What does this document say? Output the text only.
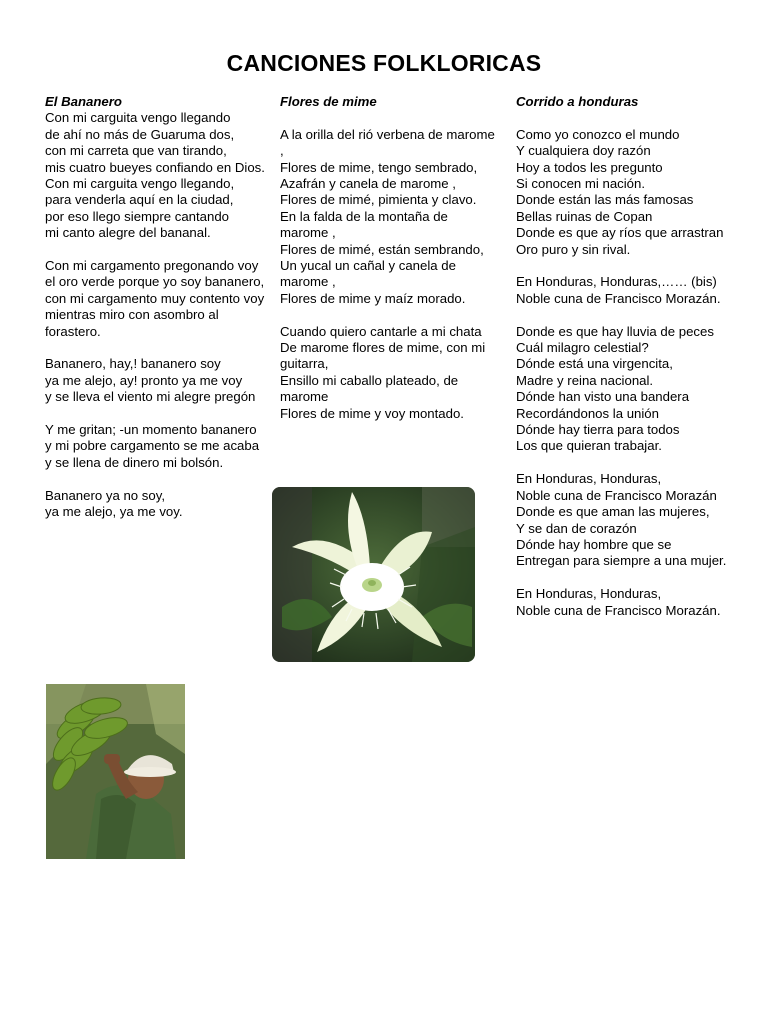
CANCIONES FOLKLORICAS
El Bananero
Con mi carguita vengo llegando
de ahí no más de Guaruma dos,
con mi carreta que van tirando,
mis cuatro bueyes confiando en Dios.
Con mi carguita vengo llegando,
para venderla aquí en la ciudad,
por eso llego siempre cantando
mi canto alegre del bananal.
Con mi cargamento pregonando voy
el oro verde porque yo soy bananero,
con mi cargamento muy contento voy
mientras miro con asombro al forastero.
Bananero, hay,! bananero soy
ya me alejo, ay! pronto ya me voy
y se lleva el viento mi alegre pregón
Y me gritan; -un momento bananero
y mi pobre cargamento se me acaba
y se llena de dinero mi bolsón.
Bananero ya no soy,
ya me alejo, ya me voy.
Flores de mime
A la orilla del rió verbena de marome ,
Flores de mime, tengo sembrado,
Azafrán y canela de marome ,
Flores de mimé, pimienta y clavo.
En la falda de la montaña de marome ,
Flores de mimé, están sembrando,
Un yucal un cañal y canela de marome ,
Flores de mime y maíz morado.
Cuando quiero cantarle a mi chata
De marome flores de mime, con mi guitarra,
Ensillo mi caballo plateado, de marome
Flores de mime y voy montado.
Corrido a honduras
Como yo conozco el mundo
Y cualquiera doy razón
Hoy a todos les pregunto
Si conocen mi nación.
Donde están las más famosas
Bellas ruinas de Copan
Donde es que ay ríos que arrastran
Oro puro y sin rival.
En Honduras, Honduras,…… (bis)
Noble cuna de Francisco Morazán.
Donde es que hay lluvia de peces
Cuál milagro celestial?
Dónde está una virgencita,
Madre y reina nacional.
Dónde han visto una bandera
Recordándonos la unión
Dónde hay tierra para todos
Los que quieran trabajar.
En Honduras, Honduras,
Noble cuna de Francisco Morazán
Donde es que aman las mujeres,
Y se dan de corazón
Dónde hay hombre que se
Entregan para siempre a una mujer.
En Honduras, Honduras,
Noble cuna de Francisco Morazán.
